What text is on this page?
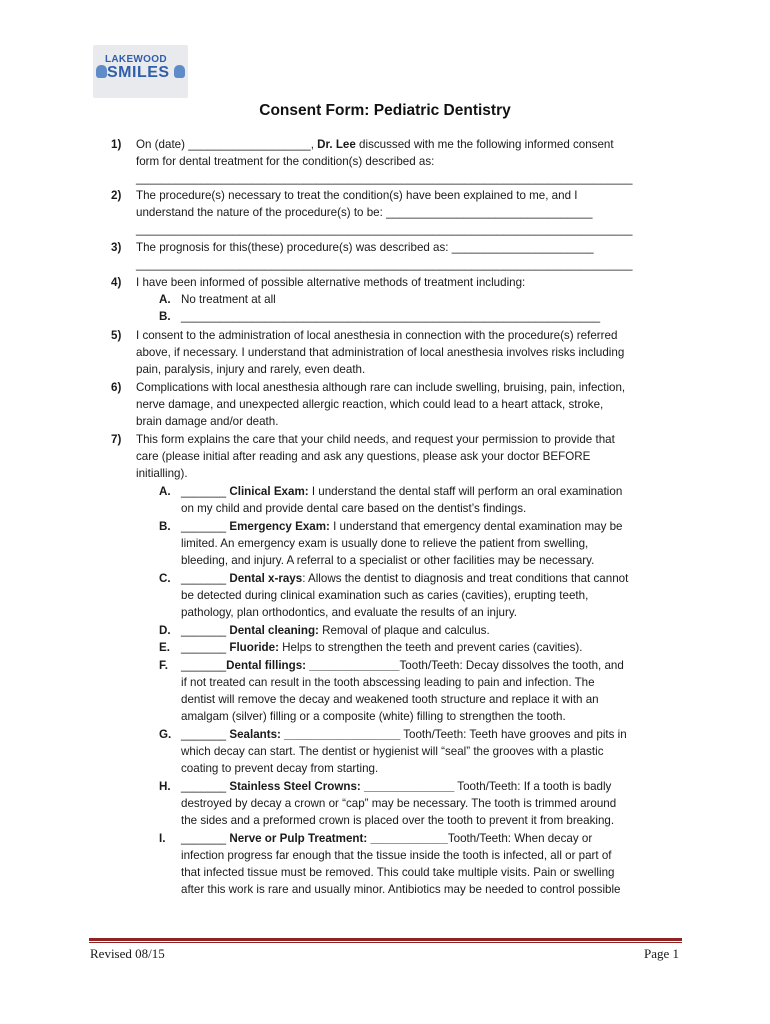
LAKEWOOD
SMILES
Consent Form: Pediatric Dentistry
1) On (date) ___________________, Dr. Lee discussed with me the following informed consent
form for dental treatment for the condition(s) described as:
_____________________________________________________________________________
2) The procedure(s) necessary to treat the condition(s) have been explained to me, and I
understand the nature of the procedure(s) to be: ________________________________
_____________________________________________________________________________
3) The prognosis for this(these) procedure(s) was described as: ______________________
_____________________________________________________________________________
4) I have been informed of possible alternative methods of treatment including:
A. No treatment at all
B. _________________________________________________________________
5) I consent to the administration of local anesthesia in connection with the procedure(s) referred
above, if necessary. I understand that administration of local anesthesia involves risks including
pain, paralysis, injury and rarely, even death.
6) Complications with local anesthesia although rare can include swelling, bruising, pain, infection,
nerve damage, and unexpected allergic reaction, which could lead to a heart attack, stroke,
brain damage and/or death.
7) This form explains the care that your child needs, and request your permission to provide that
care (please initial after reading and ask any questions, please ask your doctor BEFORE
initialling).
A. _______ Clinical Exam: I understand the dental staff will perform an oral examination
on my child and provide dental care based on the dentist’s findings.
B. _______ Emergency Exam: I understand that emergency dental examination may be
limited. An emergency exam is usually done to relieve the patient from swelling,
bleeding, and injury. A referral to a specialist or other facilities may be necessary.
C. _______ Dental x-rays: Allows the dentist to diagnosis and treat conditions that cannot
be detected during clinical examination such as caries (cavities), erupting teeth,
pathology, plan orthodontics, and evaluate the results of an injury.
D. _______ Dental cleaning: Removal of plaque and calculus.
E. _______ Fluoride: Helps to strengthen the teeth and prevent caries (cavities).
F. _______Dental fillings: ______________Tooth/Teeth: Decay dissolves the tooth, and
if not treated can result in the tooth abscessing leading to pain and infection. The
dentist will remove the decay and weakened tooth structure and replace it with an
amalgam (silver) filling or a composite (white) filling to strengthen the tooth.
G. _______ Sealants: __________________ Tooth/Teeth: Teeth have grooves and pits in
which decay can start. The dentist or hygienist will “seal” the grooves with a plastic
coating to prevent decay from starting.
H. _______ Stainless Steel Crowns: ______________ Tooth/Teeth: If a tooth is badly
destroyed by decay a crown or “cap” may be necessary. The tooth is trimmed around
the sides and a preformed crown is placed over the tooth to prevent it from breaking.
I. _______ Nerve or Pulp Treatment: ____________Tooth/Teeth: When decay or
infection progress far enough that the tissue inside the tooth is infected, all or part of
that infected tissue must be removed. This could take multiple visits. Pain or swelling
after this work is rare and usually minor. Antibiotics may be needed to control possible
Revised 08/15	Page 1
